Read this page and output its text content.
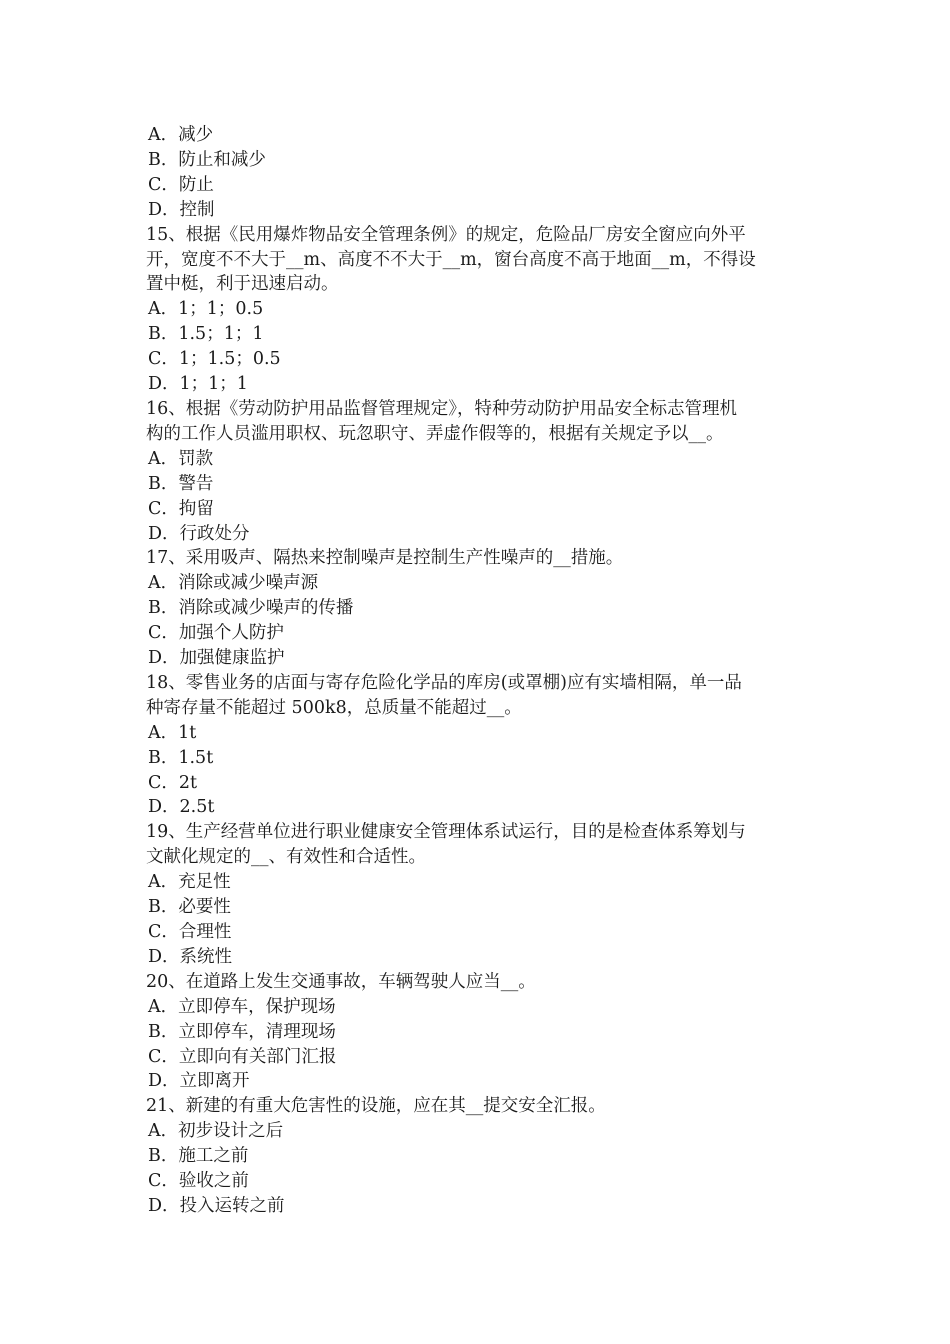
A．减少
B．防止和减少
C．防止
D．控制
15、根据《民用爆炸物品安全管理条例》的规定，危险品厂房安全窗应向外平
开，宽度不不大于__m、高度不不大于__m，窗台高度不高于地面__m，不得设
置中梃，利于迅速启动。
A．1；1；0.5
B．1.5；1；1
C．1；1.5；0.5
D．1；1；1
16、根据《劳动防护用品监督管理规定》，特种劳动防护用品安全标志管理机
构的工作人员滥用职权、玩忽职守、弄虚作假等的，根据有关规定予以__。
A．罚款
B．警告
C．拘留
D．行政处分
17、采用吸声、隔热来控制噪声是控制生产性噪声的__措施。
A．消除或减少噪声源
B．消除或减少噪声的传播
C．加强个人防护
D．加强健康监护
18、零售业务的店面与寄存危险化学品的库房(或罩棚)应有实墙相隔，单一品
种寄存量不能超过 500k8，总质量不能超过__。
A．1t
B．1.5t
C．2t
D．2.5t
19、生产经营单位进行职业健康安全管理体系试运行，目的是检查体系筹划与
文献化规定的__、有效性和合适性。
A．充足性
B．必要性
C．合理性
D．系统性
20、在道路上发生交通事故，车辆驾驶人应当__。
A．立即停车，保护现场
B．立即停车，清理现场
C．立即向有关部门汇报
D．立即离开
21、新建的有重大危害性的设施，应在其__提交安全汇报。
A．初步设计之后
B．施工之前
C．验收之前
D．投入运转之前
